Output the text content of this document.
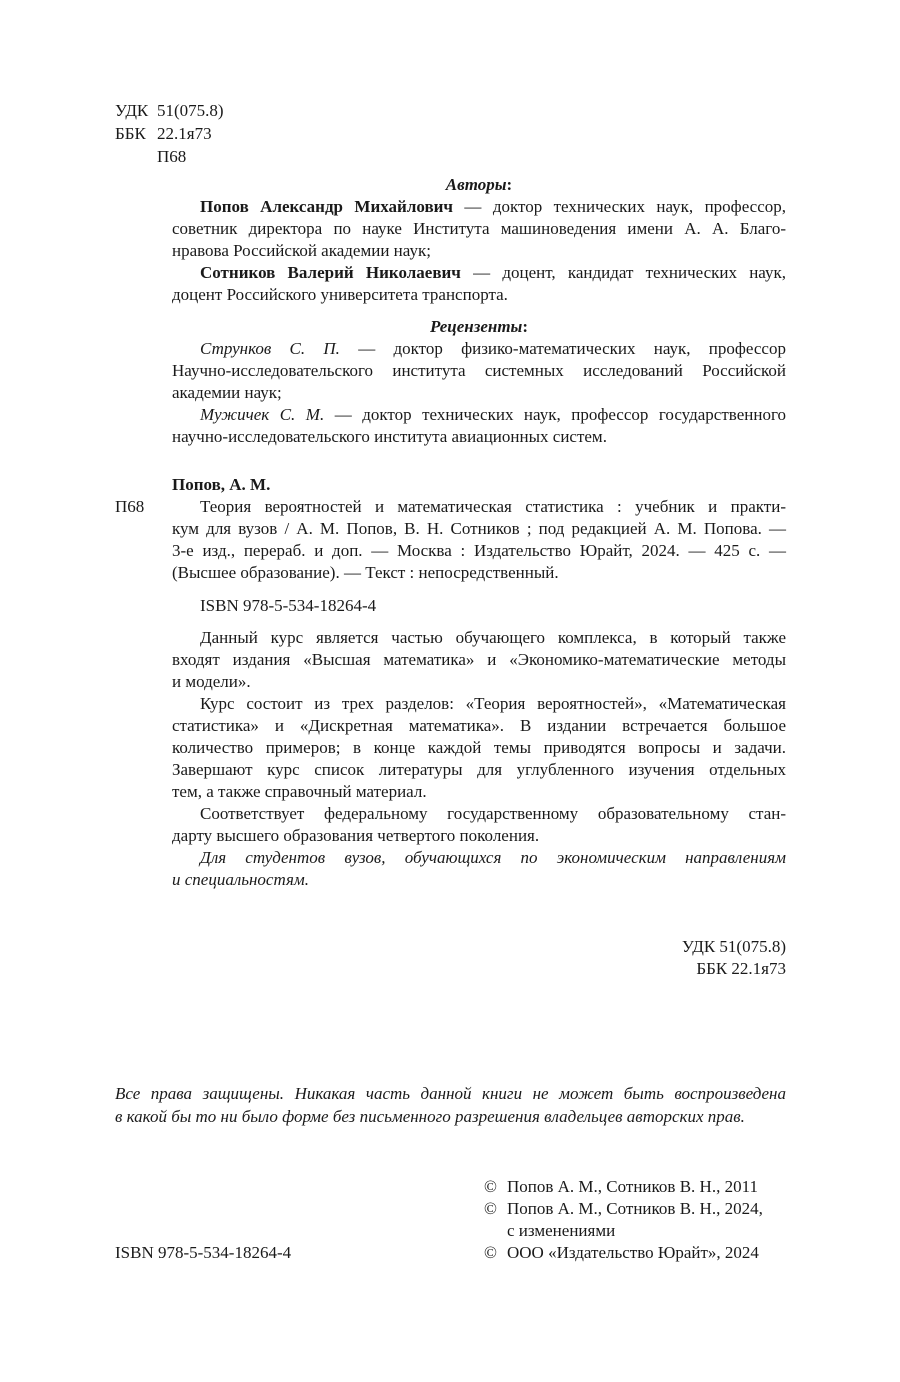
УДК 51(075.8)
ББК 22.1я73
П68
Авторы:
Попов Александр Михайлович — доктор технических наук, профессор,
советник директора по науке Института машиноведения имени А. А. Благо-
нравова Российской академии наук;
Сотников Валерий Николаевич — доцент, кандидат технических наук,
доцент Российского университета транспорта.
Рецензенты:
Струнков С. П. — доктор физико-математических наук, профессор
Научно-исследовательского института системных исследований Российской
академии наук;
Мужичек С. М. — доктор технических наук, профессор государственного
научно-исследовательского института авиационных систем.
Попов, А. М.
П68	Теория вероятностей и математическая статистика : учебник и практи-
кум для вузов / А. М. Попов, В. Н. Сотников ; под редакцией А. М. Попова. —
3-е изд., перераб. и доп. — Москва : Издательство Юрайт, 2024. — 425 с. —
(Высшее образование). — Текст : непосредственный.
ISBN 978-5-534-18264-4
Данный курс является частью обучающего комплекса, в который также
входят издания «Высшая математика» и «Экономико-математические методы
и модели».
Курс состоит из трех разделов: «Теория вероятностей», «Математическая
статистика» и «Дискретная математика». В издании встречается большое
количество примеров; в конце каждой темы приводятся вопросы и задачи.
Завершают курс список литературы для углубленного изучения отдельных
тем, а также справочный материал.
Соответствует федеральному государственному образовательному стан-
дарту высшего образования четвертого поколения.
Для студентов вузов, обучающихся по экономическим направлениям
и специальностям.
УДК 51(075.8)
ББК 22.1я73
Все права защищены. Никакая часть данной книги не может быть воспроизведена
в какой бы то ни было форме без письменного разрешения владельцев авторских прав.
© Попов А. М., Сотников В. Н., 2011
© Попов А. М., Сотников В. Н., 2024,
с изменениями
© ООО «Издательство Юрайт», 2024
ISBN 978-5-534-18264-4
